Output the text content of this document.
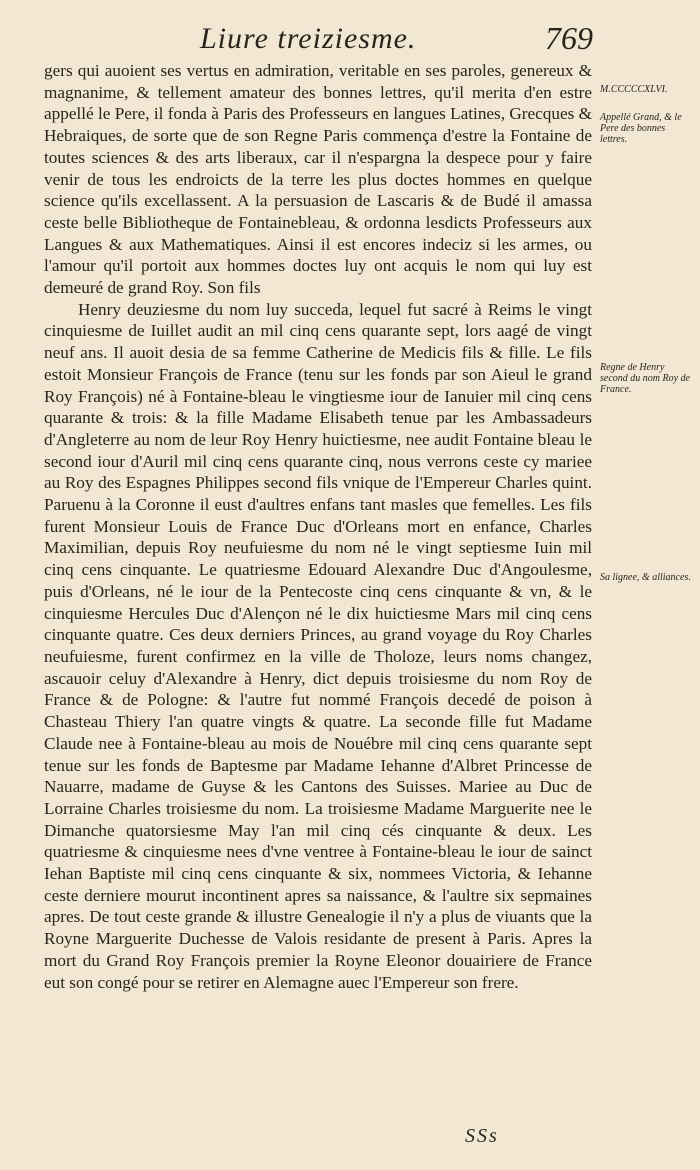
Liure treiziesme.	769
M.CCCCCXLVI.
Appellé Grand, & le Pere des bonnes lettres.
Regne de Henry second du nom Roy de France.
Sa lignee, & alliances.

gers qui auoient ses vertus en admiration, veritable en ses paroles, genereux & magnanime, & tellement amateur des bonnes lettres, qu'il merita d'en estre appellé le Pere, il fonda à Paris des Professeurs en langues Latines, Grecques & Hebraiques, de sorte que de son Regne Paris commença d'estre la Fontaine de toutes sciences & des arts liberaux, car il n'espargna la despece pour y faire venir de tous les endroicts de la terre les plus doctes hommes en quelque science qu'ils excellassent. A la persuasion de Lascaris & de Budé il amassa ceste belle Bibliotheque de Fontainebleau, & ordonna lesdicts Professeurs aux Langues & aux Mathematiques. Ainsi il est encores indeciz si les armes, ou l'amour qu'il portoit aux hommes doctes luy ont acquis le nom qui luy est demeuré de grand Roy. Son fils

Henry deuziesme du nom luy succeda, lequel fut sacré à Reims le vingt cinquiesme de Iuillet audit an mil cinq cens quarante sept, lors aagé de vingt neuf ans. Il auoit desia de sa femme Catherine de Medicis fils & fille. Le fils estoit Monsieur François de France (tenu sur les fonds par son Aieul le grand Roy François) né à Fontaine-bleau le vingtiesme iour de Ianuier mil cinq cens quarante & trois: & la fille Madame Elisabeth tenue par les Ambassadeurs d'Angleterre au nom de leur Roy Henry huictiesme, nee audit Fontaine bleau le second iour d'Auril mil cinq cens quarante cinq, nous verrons ceste cy mariee au Roy des Espagnes Philippes second fils vnique de l'Empereur Charles quint. Paruenu à la Coronne il eust d'aultres enfans tant masles que femelles. Les fils furent Monsieur Louis de France Duc d'Orleans mort en enfance, Charles Maximilian, depuis Roy neufuiesme du nom né le vingt septiesme Iuin mil cinq cens cinquante. Le quatriesme Edouard Alexandre Duc d'Angoulesme, puis d'Orleans, né le iour de la Pentecoste cinq cens cinquante & vn, & le cinquiesme Hercules Duc d'Alençon né le dix huictiesme Mars mil cinq cens cinquante quatre. Ces deux derniers Princes, au grand voyage du Roy Charles neufuiesme, furent confirmez en la ville de Tholoze, leurs noms changez, ascauoir celuy d'Alexandre à Henry, dict depuis troisiesme du nom Roy de France & de Pologne: & l'autre fut nommé François decedé de poison à Chasteau Thiery l'an quatre vingts & quatre. La seconde fille fut Madame Claude nee à Fontaine-bleau au mois de Nouébre mil cinq cens quarante sept tenue sur les fonds de Baptesme par Madame Iehanne d'Albret Princesse de Nauarre, madame de Guyse & les Cantons des Suisses. Mariee au Duc de Lorraine Charles troisiesme du nom. La troisiesme Madame Marguerite nee le Dimanche quatorsiesme May l'an mil cinq cés cinquante & deux. Les quatriesme & cinquiesme nees d'vne ventree à Fontaine-bleau le iour de sainct Iehan Baptiste mil cinq cens cinquante & six, nommees Victoria, & Iehanne ceste derniere mourut incontinent apres sa naissance, & l'aultre six sepmaines apres. De tout ceste grande & illustre Genealogie il n'y a plus de viuants que la Royne Marguerite Duchesse de Valois residante de present à Paris. Apres la mort du Grand Roy François premier la Royne Eleonor douairiere de France eut son congé pour se retirer en Alemagne auec l'Empereur son frere.

SSs
